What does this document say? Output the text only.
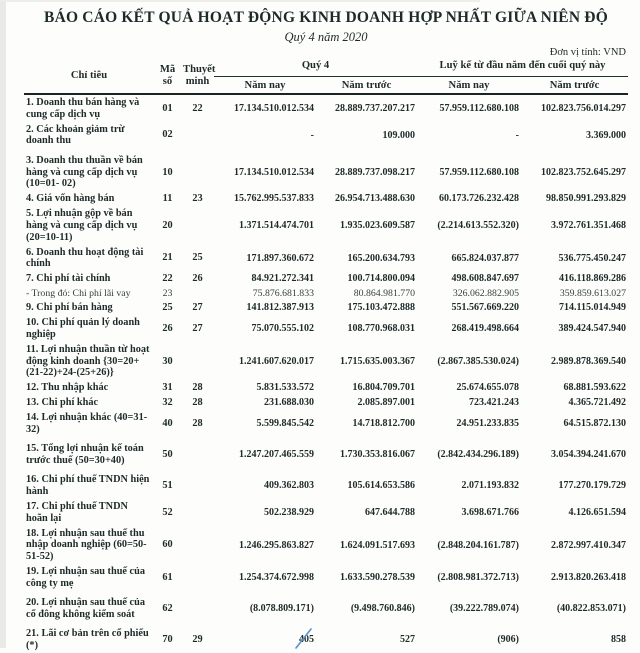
BÁO CÁO KẾT QUẢ HOẠT ĐỘNG KINH DOANH HỢP NHẤT GIỮA NIÊN ĐỘ
Quý 4 năm 2020
Đơn vị tính: VND
Chỉ tiêu	Mã số	Thuyết minh	Quý 4		Luỹ kế từ đầu năm đến cuối quý này	
			Năm nay	Năm trước	Năm nay	Năm trước
1. Doanh thu bán hàng và cung cấp dịch vụ	01	22	17.134.510.012.534	28.889.737.207.217	57.959.112.680.108	102.823.756.014.297
2. Các khoản giảm trừ doanh thu	02		-	109.000	-	3.369.000
3. Doanh thu thuần về bán hàng và cung cấp dịch vụ (10=01- 02)	10		17.134.510.012.534	28.889.737.098.217	57.959.112.680.108	102.823.752.645.297
4. Giá vốn hàng bán	11	23	15.762.995.537.833	26.954.713.488.630	60.173.726.232.428	98.850.991.293.829
5. Lợi nhuận gộp về bán hàng và cung cấp dịch vụ (20=10-11)	20		1.371.514.474.701	1.935.023.609.587	(2.214.613.552.320)	3.972.761.351.468
6. Doanh thu hoạt động tài chính	21	25	171.897.360.672	165.200.634.793	665.824.037.877	536.775.450.247
7. Chi phí tài chính	22	26	84.921.272.341	100.714.800.094	498.608.847.697	416.118.869.286
- Trong đó: Chi phí lãi vay	23		75.876.681.833	80.864.981.770	326.062.882.905	359.859.613.027
9. Chi phí bán hàng	25	27	141.812.387.913	175.103.472.888	551.567.669.220	714.115.014.949
10. Chi phí quản lý doanh nghiệp	26	27	75.070.555.102	108.770.968.031	268.419.498.664	389.424.547.940
11. Lợi nhuận thuần từ hoạt động kinh doanh {30=20+(21-22)+24-(25+26)}	30		1.241.607.620.017	1.715.635.003.367	(2.867.385.530.024)	2.989.878.369.540
12. Thu nhập khác	31	28	5.831.533.572	16.804.709.701	25.674.655.078	68.881.593.622
13. Chi phí khác	32	28	231.688.030	2.085.897.001	723.421.243	4.365.721.492
14. Lợi nhuận khác (40=31-32)	40	28	5.599.845.542	14.718.812.700	24.951.233.835	64.515.872.130
15. Tổng lợi nhuận kế toán trước thuế (50=30+40)	50		1.247.207.465.559	1.730.353.816.067	(2.842.434.296.189)	3.054.394.241.670
16. Chi phí thuế TNDN hiện hành	51		409.362.803	105.614.653.586	2.071.193.832	177.270.179.729
17. Chi phí thuế TNDN hoãn lại	52		502.238.929	647.644.788	3.698.671.766	4.126.651.594
18. Lợi nhuận sau thuế thu nhập doanh nghiệp (60=50-51-52)	60		1.246.295.863.827	1.624.091.517.693	(2.848.204.161.787)	2.872.997.410.347
19. Lợi nhuận sau thuế của công ty mẹ	61		1.254.374.672.998	1.633.590.278.539	(2.808.981.372.713)	2.913.820.263.418
20. Lợi nhuận sau thuế của cổ đông không kiểm soát	62		(8.078.809.171)	(9.498.760.846)	(39.222.789.074)	(40.822.853.071)
21. Lãi cơ bản trên cổ phiếu (*)	70	29	405	527	(906)	858
